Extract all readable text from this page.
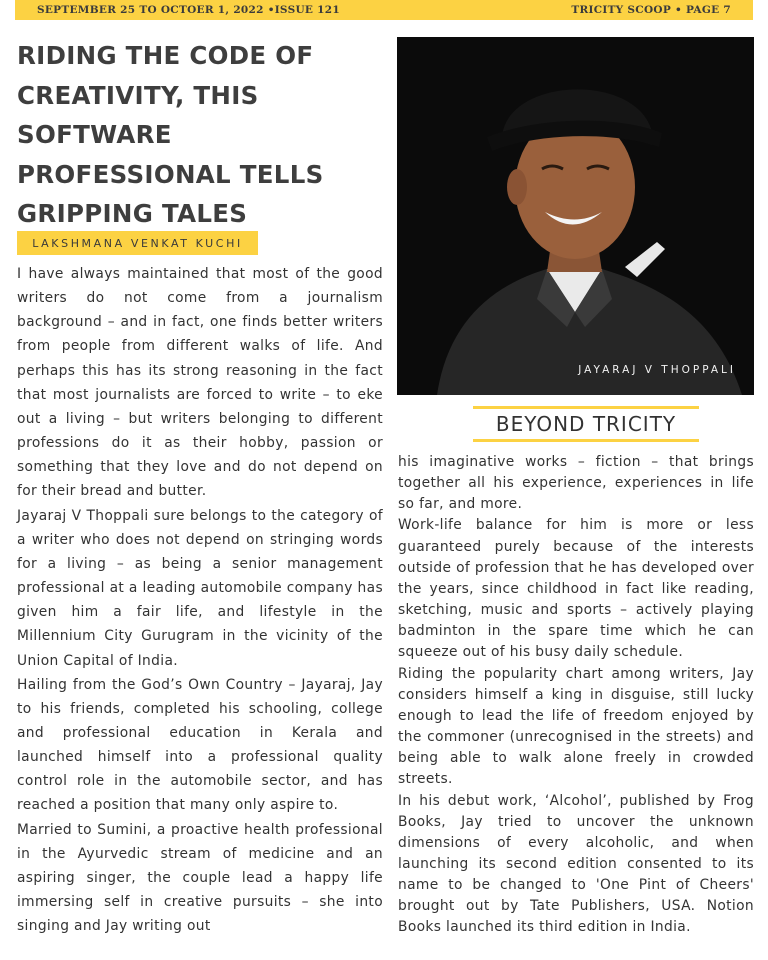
SEPTEMBER 25 TO OCTOER 1, 2022 •ISSUE 121	TRICITY SCOOP • PAGE 7
RIDING THE CODE OF CREATIVITY, THIS SOFTWARE PROFESSIONAL TELLS GRIPPING TALES
LAKSHMANA VENKAT KUCHI

I have always maintained that most of the good writers do not come from a journalism background – and in fact, one finds better writers from people from different walks of life. And perhaps this has its strong reasoning in the fact that most journalists are forced to write – to eke out a living – but writers belonging to different professions do it as their hobby, passion or something that they love and do not depend on for their bread and butter.

Jayaraj V Thoppali sure belongs to the category of a writer who does not depend on stringing words for a living – as being a senior management professional at a leading automobile company has given him a fair life, and lifestyle in the Millennium City Gurugram in the vicinity of the Union Capital of India.

Hailing from the God’s Own Country – Jayaraj, Jay to his friends, completed his schooling, college and professional education in Kerala and launched himself into a professional quality control role in the automobile sector, and has reached a position that many only aspire to.

Married to Sumini, a proactive health professional in the Ayurvedic stream of medicine and an aspiring singer, the couple lead a happy life immersing self in creative pursuits – she into singing and Jay writing out

JAYARAJ V THOPPALI
BEYOND TRICITY

his imaginative works – fiction – that brings together all his experience, experiences in life so far, and more.

Work-life balance for him is more or less guaranteed purely because of the interests outside of profession that he has developed over the years, since childhood in fact like reading, sketching, music and sports – actively playing badminton in the spare time which he can squeeze out of his busy daily schedule.

Riding the popularity chart among writers, Jay considers himself a king in disguise, still lucky enough to lead the life of freedom enjoyed by the commoner (unrecognised in the streets) and being able to walk alone freely in crowded streets.

In his debut work, ‘Alcohol’, published by Frog Books, Jay tried to uncover the unknown dimensions of every alcoholic, and when launching its second edition consented to its name to be changed to 'One Pint of Cheers' brought out by Tate Publishers, USA. Notion Books launched its third edition in India.
